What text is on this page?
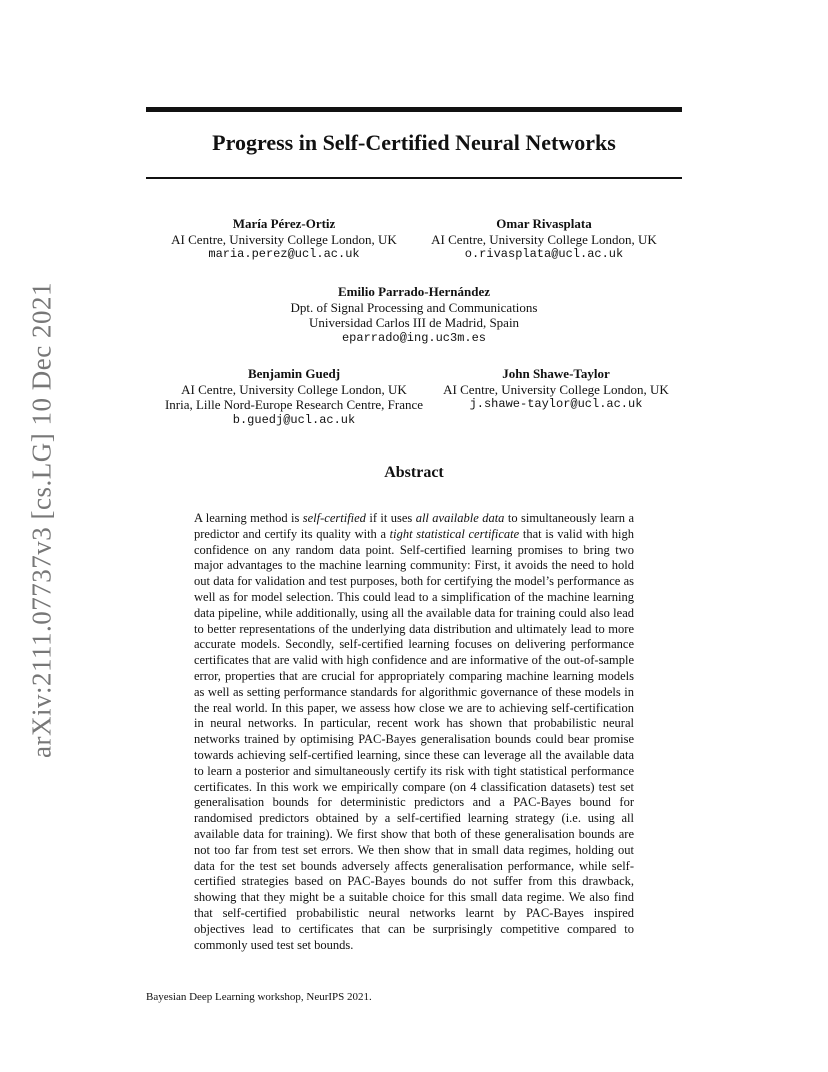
arXiv:2111.07737v3 [cs.LG] 10 Dec 2021
Progress in Self-Certified Neural Networks
María Pérez-Ortiz
AI Centre, University College London, UK
maria.perez@ucl.ac.uk
Omar Rivasplata
AI Centre, University College London, UK
o.rivasplata@ucl.ac.uk
Emilio Parrado-Hernández
Dpt. of Signal Processing and Communications
Universidad Carlos III de Madrid, Spain
eparrado@ing.uc3m.es
Benjamin Guedj
AI Centre, University College London, UK
Inria, Lille Nord-Europe Research Centre, France
b.guedj@ucl.ac.uk
John Shawe-Taylor
AI Centre, University College London, UK
j.shawe-taylor@ucl.ac.uk
Abstract

A learning method is self-certified if it uses all available data to simultaneously learn a predictor and certify its quality with a tight statistical certificate that is valid with high confidence on any random data point. Self-certified learning promises to bring two major advantages to the machine learning community: First, it avoids the need to hold out data for validation and test purposes, both for certifying the model’s performance as well as for model selection. This could lead to a simplification of the machine learning data pipeline, while additionally, using all the available data for training could also lead to better representations of the underlying data distribution and ultimately lead to more accurate models. Secondly, self-certified learning focuses on delivering performance certificates that are valid with high confidence and are informative of the out-of-sample error, properties that are crucial for appropriately comparing machine learning models as well as setting performance standards for algorithmic governance of these models in the real world. In this paper, we assess how close we are to achieving self-certification in neural networks. In particular, recent work has shown that probabilistic neural networks trained by optimising PAC-Bayes generalisation bounds could bear promise towards achieving self-certified learning, since these can leverage all the available data to learn a posterior and simultaneously certify its risk with tight statistical performance certificates. In this work we empirically compare (on 4 classification datasets) test set generalisation bounds for deterministic predictors and a PAC-Bayes bound for randomised predictors obtained by a self-certified learning strategy (i.e. using all available data for training). We first show that both of these generalisation bounds are not too far from test set errors. We then show that in small data regimes, holding out data for the test set bounds adversely affects generalisation performance, while self-certified strategies based on PAC-Bayes bounds do not suffer from this drawback, showing that they might be a suitable choice for this small data regime. We also find that self-certified probabilistic neural networks learnt by PAC-Bayes inspired objectives lead to certificates that can be surprisingly competitive compared to commonly used test set bounds.

Bayesian Deep Learning workshop, NeurIPS 2021.
